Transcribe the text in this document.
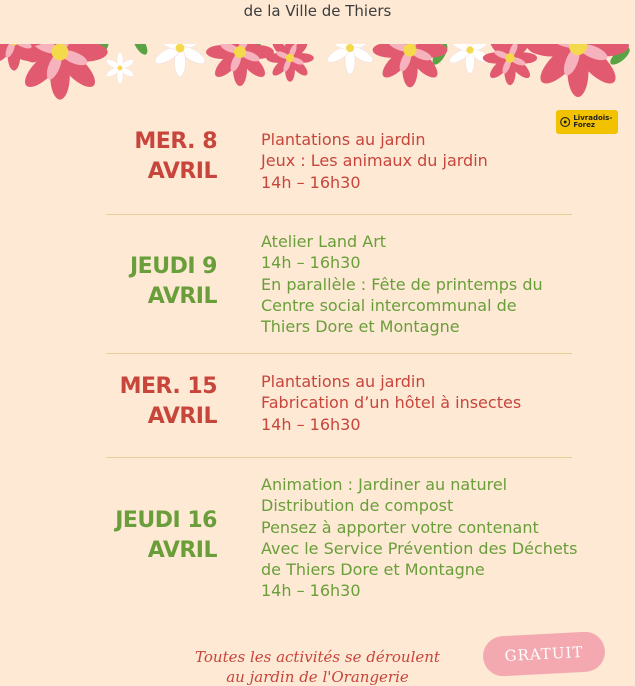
de la Ville de Thiers
Livradois-Forez
MER. 8
AVRIL
Plantations au jardin
Jeux : Les animaux du jardin
14h – 16h30
JEUDI 9
AVRIL
Atelier Land Art
14h – 16h30
En parallèle : Fête de printemps du
Centre social intercommunal de
Thiers Dore et Montagne
MER. 15
AVRIL
Plantations au jardin
Fabrication d’un hôtel à insectes
14h – 16h30
JEUDI 16
AVRIL
Animation : Jardiner au naturel
Distribution de compost
Pensez à apporter votre contenant
Avec le Service Prévention des Déchets
de Thiers Dore et Montagne
14h – 16h30
Toutes les activités se déroulent
au jardin de l'Orangerie
GRATUIT
